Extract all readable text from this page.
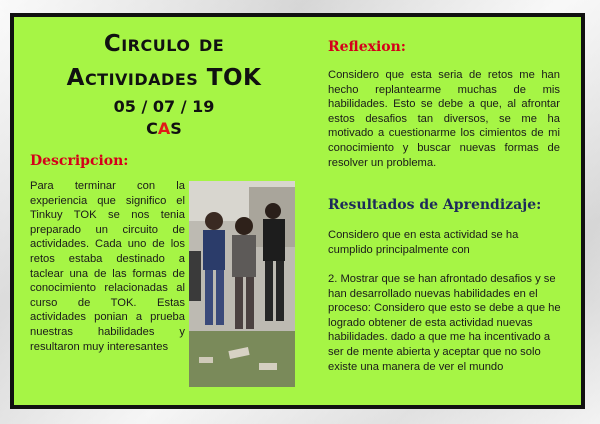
Circulo de
Actividades TOK
05 / 07 / 19
CAS
Descripcion:
Para terminar con la experiencia que significo el Tinkuy TOK se nos tenia preparado un circuito de actividades. Cada uno de los retos estaba destinado a taclear una de las formas de conocimiento relacionadas al curso de TOK. Estas actividades ponian a prueba nuestras habilidades y resultaron muy interesantes
Reflexion:
Considero que esta seria de retos me han hecho replantearme muchas de mis habilidades. Esto se debe a que, al afrontar estos desafios tan diversos, se me ha motivado a cuestionarme los cimientos de mi conocimiento y buscar nuevas formas de resolver un problema.
Resultados de Aprendizaje:
Considero que en esta actividad se ha cumplido principalmente con
2. Mostrar que se han afrontado desafios y se han desarrollado nuevas habilidades en el proceso: Considero que esto se debe a que he logrado obtener de esta actividad nuevas habilidades. dado a que me ha incentivado a ser de mente abierta y aceptar que no solo existe una manera de ver el mundo
